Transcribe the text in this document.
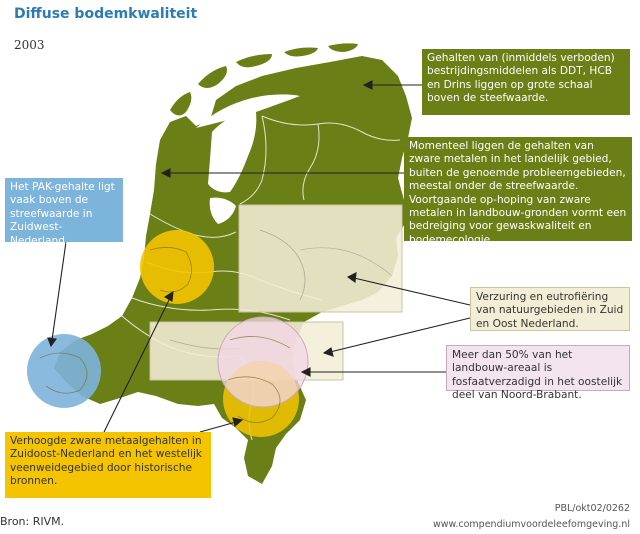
Diffuse bodemkwaliteit
2003
Gehalten van (inmiddels verboden) bestrijdingsmiddelen als DDT, HCB en Drins liggen op grote schaal boven de steefwaarde.
Momenteel liggen de gehalten van zware metalen in het landelijk gebied, buiten de genoemde probleemgebieden, meestal onder de streefwaarde. Voortgaande op-hoping van zware metalen in landbouw-gronden vormt een bedreiging voor gewaskwaliteit en bodemecologie.
Het PAK-gehalte ligt vaak boven de streefwaarde in Zuidwest-Nederland.
Verzuring en eutrofiëring van natuurgebieden in Zuid en Oost Nederland.
Meer dan 50% van het landbouw-areaal is fosfaatverzadigd in het oostelijk deel van Noord-Brabant.
Verhoogde zware metaalgehalten in Zuidoost-Nederland en het westelijk veenweidegebied door historische bronnen.
Bron: RIVM.
PBL/okt02/0262
www.compendiumvoordeleefomgeving.nl
